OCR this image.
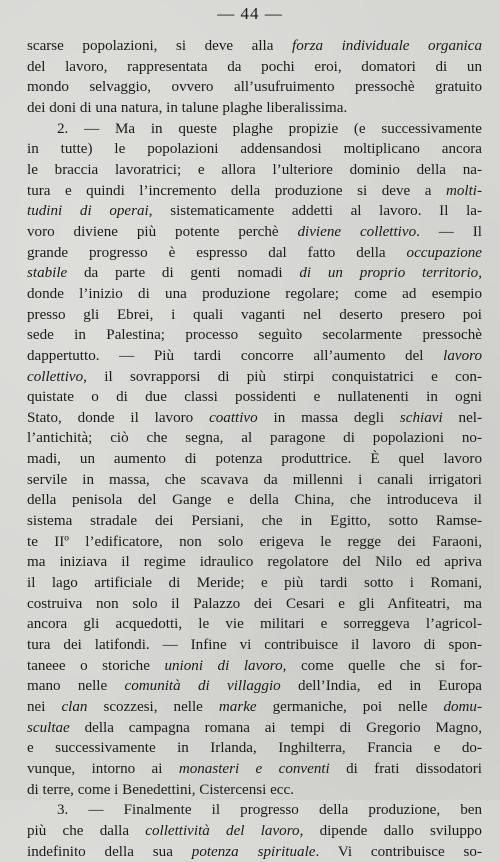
— 44 —
scarse popolazioni, si deve alla forza individuale organica
del lavoro, rappresentata da pochi eroi, domatori di un
mondo selvaggio, ovvero all’usufruimento pressochè gratuito
dei doni di una natura, in talune plaghe liberalissima.
2. — Ma in queste plaghe propizie (e successivamente
in tutte) le popolazioni addensandosi moltiplicano ancora
le braccia lavoratrici; e allora l’ulteriore dominio della na-
tura e quindi l’incremento della produzione si deve a molti-
tudini di operai, sistematicamente addetti al lavoro. Il la-
voro diviene più potente perchè diviene collettivo. — Il
grande progresso è espresso dal fatto della occupazione
stabile da parte di genti nomadi di un proprio territorio,
donde l’inizio di una produzione regolare; come ad esempio
presso gli Ebrei, i quali vaganti nel deserto presero poi
sede in Palestina; processo seguìto secolarmente pressochè
dappertutto. — Più tardi concorre all’aumento del lavoro
collettivo, il sovrapporsi di più stirpi conquistatrici e con-
quistate o di due classi possidenti e nullatenenti in ogni
Stato, donde il lavoro coattivo in massa degli schiavi nel-
l’antichità; ciò che segna, al paragone di popolazioni no-
madi, un aumento di potenza produttrice. È quel lavoro
servile in massa, che scavava da millenni i canali irrigatori
della penisola del Gange e della China, che introduceva il
sistema stradale dei Persiani, che in Egitto, sotto Ramse-
te IIº l’edificatore, non solo erigeva le regge dei Faraoni,
ma iniziava il regime idraulico regolatore del Nilo ed apriva
il lago artificiale di Meride; e più tardi sotto i Romani,
costruiva non solo il Palazzo dei Cesari e gli Anfiteatri, ma
ancora gli acquedotti, le vie militari e sorreggeva l’agricol-
tura dei latifondi. — Infine vi contribuisce il lavoro di spon-
taneee o storiche unioni di lavoro, come quelle che si for-
mano nelle comunità di villaggio dell’India, ed in Europa
nei clan scozzesi, nelle marke germaniche, poi nelle domu-
scultae della campagna romana ai tempi di Gregorio Magno,
e successivamente in Irlanda, Inghilterra, Francia e do-
vunque, intorno ai monasteri e conventi di frati dissodatori
di terre, come i Benedettini, Cistercensi ecc.
3. — Finalmente il progresso della produzione, ben
più che dalla collettività del lavoro, dipende dallo sviluppo
indefinito della sua potenza spirituale. Vi contribuisce so-
